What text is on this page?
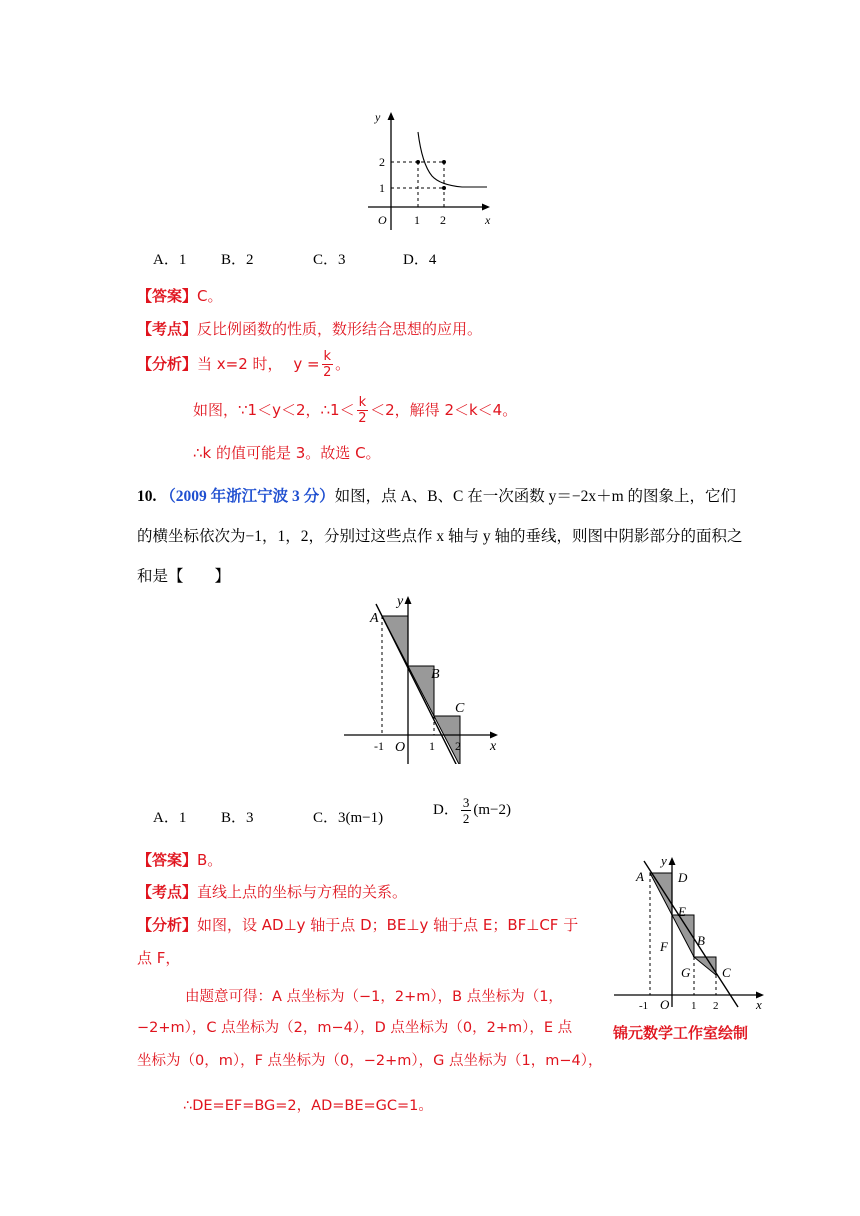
y
x
O
2
1
1 2
A．1 B．2	C．3	D．4
【答案】C。
【考点】反比例函数的性质，数形结合思想的应用。
【分析】当 x=2 时， $y = \frac{k}{2}$ 。
如图，∵1＜y＜2，∴1＜ $\frac{k}{2} <2$，解得 2＜k＜4。
∴k 的值可能是 3。故选 C。
10. （2009 年浙江宁波 3 分）如图，点 A、B、C 在一次函数 y＝−2x＋m 的图象上，它们
的横坐标依次为−1，1，2，分别过这些点作 x 轴与 y 轴的垂线，则图中阴影部分的面积之
和是【　　】
y
x
O
A
B
C
-1	1 2
A．1 B．3	C．3(m−1)
D． $\frac{3}{2} (m-2)$
【答案】B。
【考点】直线上点的坐标与方程的关系。
【分析】如图，设 AD⊥y 轴于点 D；BE⊥y 轴于点 E；BF⊥CF 于
点 F，
由题意可得：A 点坐标为（−1，2+m），B 点坐标为（1，
−2+m），C 点坐标为（2，m−4），D 点坐标为（0，2+m），E 点
坐标为（0，m），F 点坐标为（0，−2+m），G 点坐标为（1，m−4），
∴DE=EF=BG=2，AD=BE=GC=1。
y
x
O
A	D
E
F B
G C
-1	1 2
锦元数学工作室绘制
